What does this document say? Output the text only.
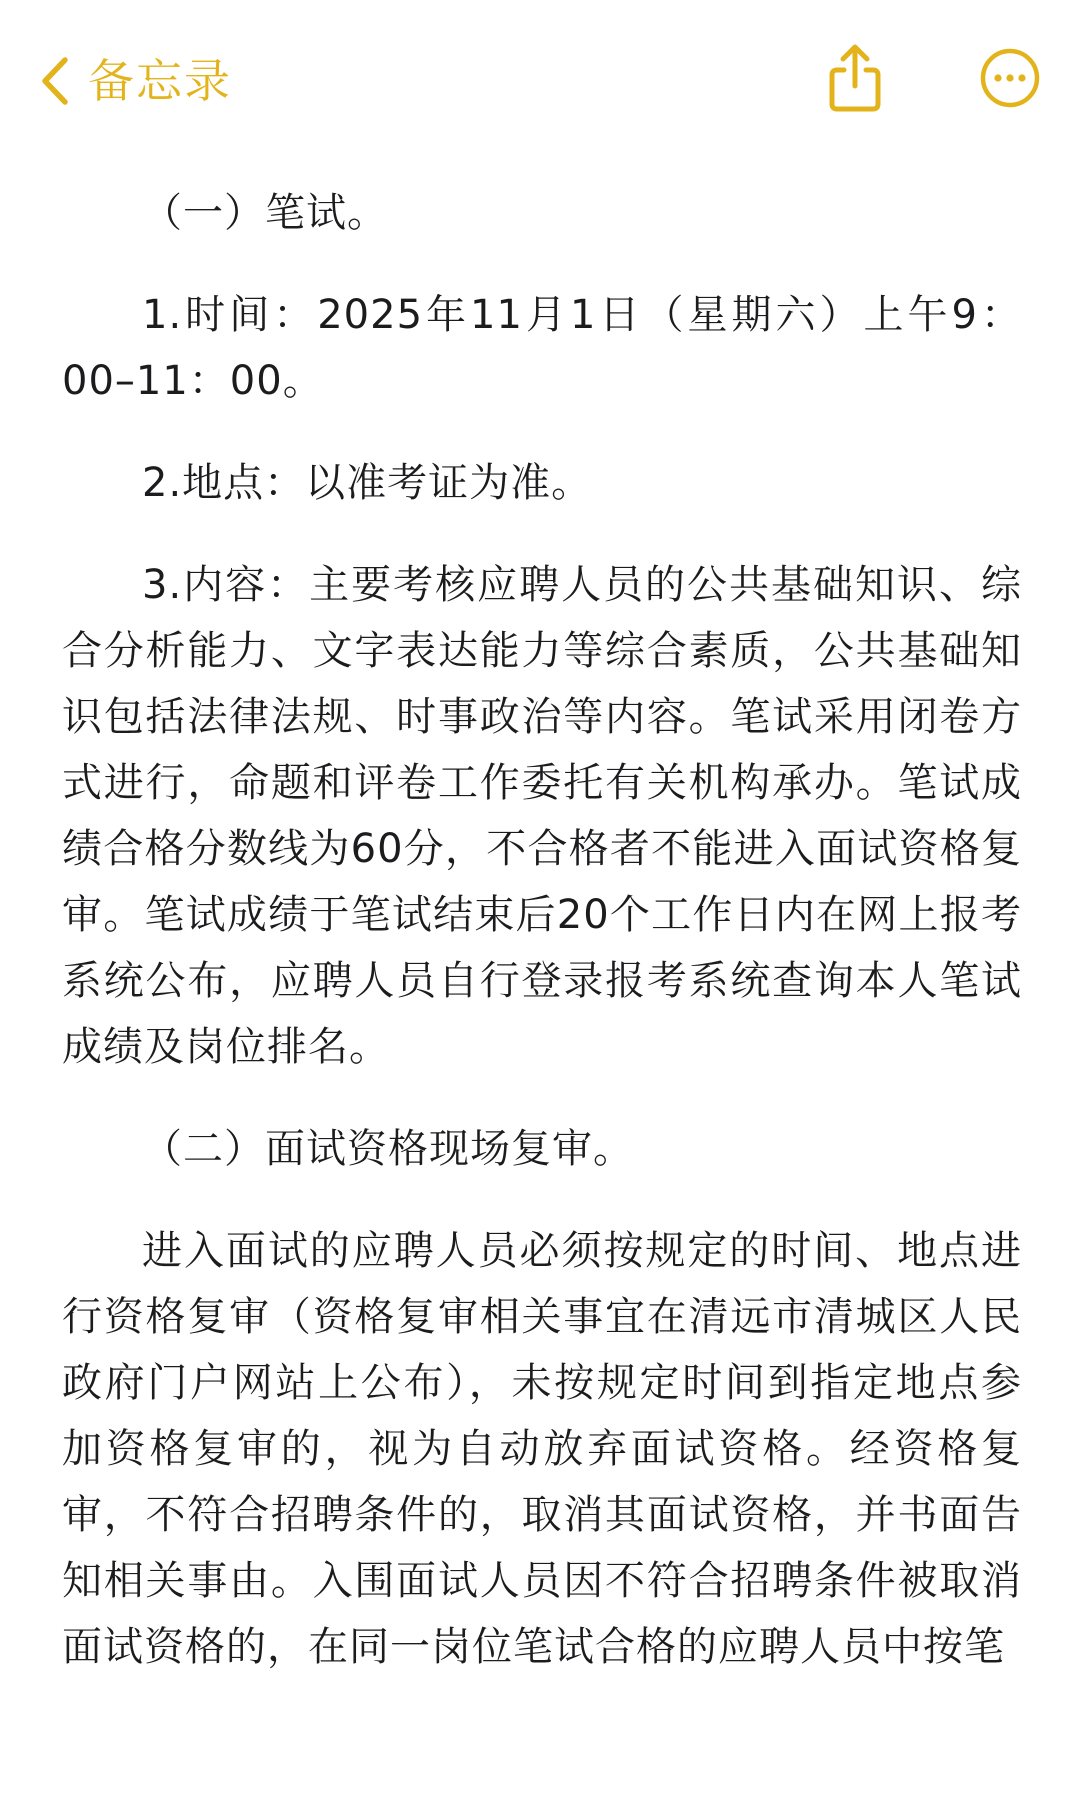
备忘录

（一）笔试。

1.时间：2025年11月1日（星期六）上午9：00–11：00。

2.地点：以准考证为准。

3.内容：主要考核应聘人员的公共基础知识、综合分析能力、文字表达能力等综合素质，公共基础知识包括法律法规、时事政治等内容。笔试采用闭卷方式进行，命题和评卷工作委托有关机构承办。笔试成绩合格分数线为60分，不合格者不能进入面试资格复审。笔试成绩于笔试结束后20个工作日内在网上报考系统公布，应聘人员自行登录报考系统查询本人笔试成绩及岗位排名。

（二）面试资格现场复审。

进入面试的应聘人员必须按规定的时间、地点进行资格复审（资格复审相关事宜在清远市清城区人民政府门户网站上公布），未按规定时间到指定地点参加资格复审的，视为自动放弃面试资格。经资格复审，不符合招聘条件的，取消其面试资格，并书面告知相关事由。入围面试人员因不符合招聘条件被取消面试资格的，在同一岗位笔试合格的应聘人员中按笔
